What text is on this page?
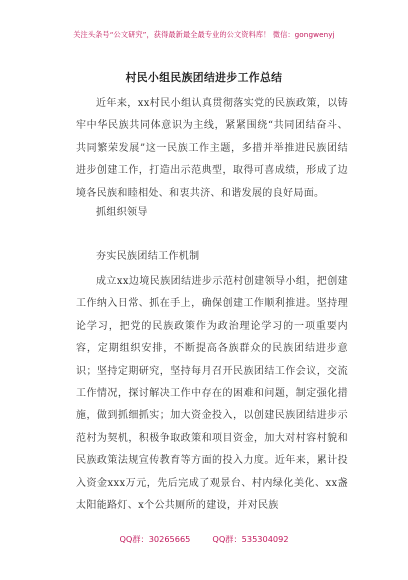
关注头条号“公文研究”，获得最新最全最专业的公文资料库！ 微信：gongwenyj
村民小组民族团结进步工作总结
近年来，xx村民小组认真贯彻落实党的民族政策，以铸牢中华民族共同体意识为主线，紧紧围绕“共同团结奋斗、共同繁荣发展”这一民族工作主题，多措并举推进民族团结进步创建工作，打造出示范典型，取得可喜成绩，形成了边境各民族和睦相处、和衷共济、和谐发展的良好局面。
抓组织领导
夯实民族团结工作机制
成立xx边境民族团结进步示范村创建领导小组，把创建工作纳入日常、抓在手上，确保创建工作顺利推进。坚持理论学习，把党的民族政策作为政治理论学习的一项重要内容，定期组织安排，不断提高各族群众的民族团结进步意识；坚持定期研究，坚持每月召开民族团结工作会议，交流工作情况，探讨解决工作中存在的困难和问题，制定强化措施，做到抓细抓实；加大资金投入，以创建民族团结进步示范村为契机，积极争取政策和项目资金，加大对村容村貌和民族政策法规宣传教育等方面的投入力度。近年来，累计投入资金xxx万元，先后完成了观景台、村内绿化美化、xx盏太阳能路灯、x个公共厕所的建设，并对民族
QQ群：30265665	QQ群：535304092
